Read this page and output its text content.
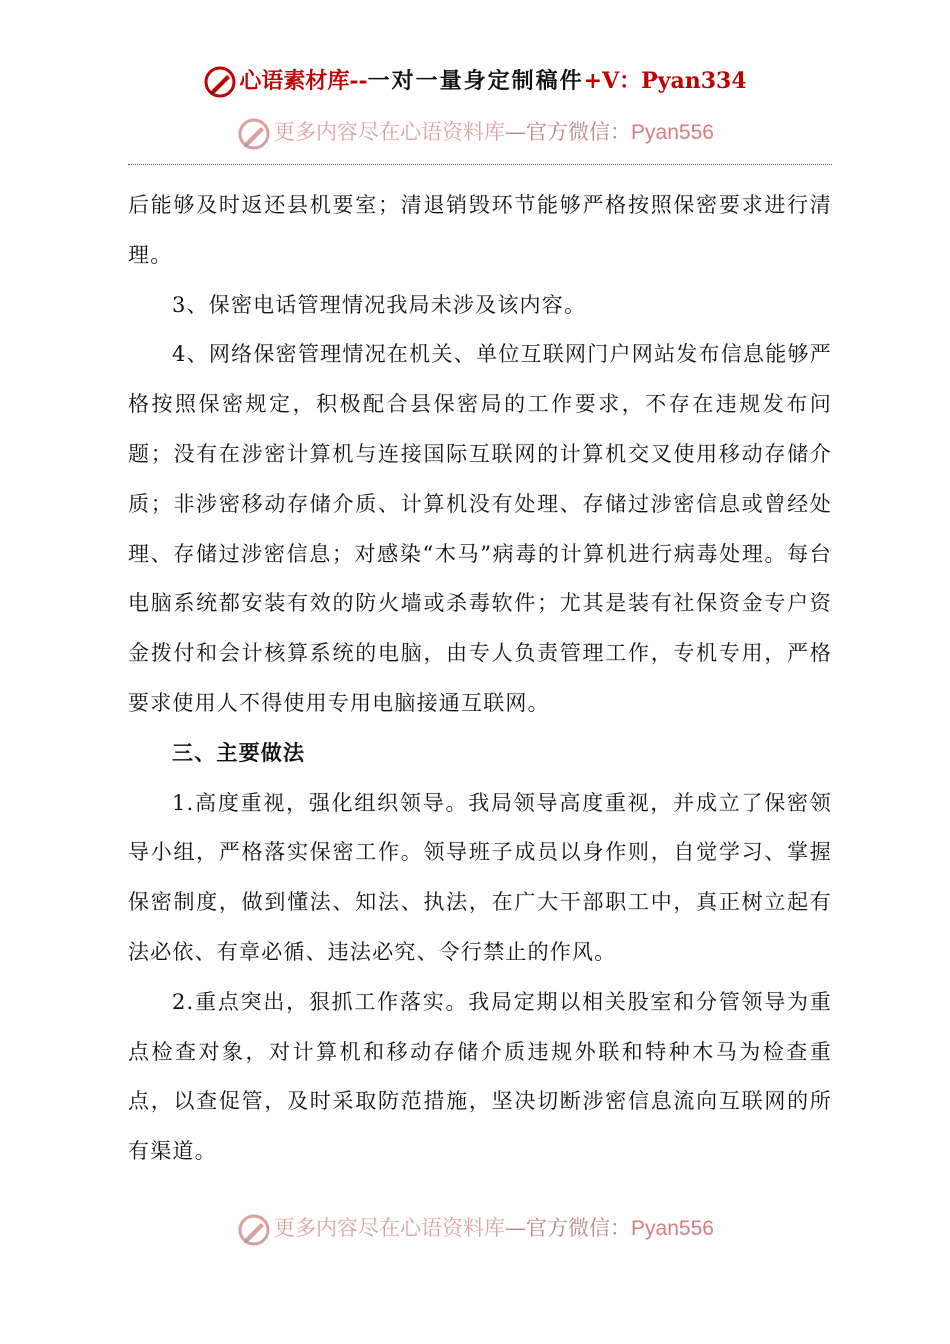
心语素材库--一对一量身定制稿件+V：Pyan334
更多内容尽在心语资料库—官方微信：Pyan556

后能够及时返还县机要室；清退销毁环节能够严格按照保密要求进行清理。

3、保密电话管理情况我局未涉及该内容。

4、网络保密管理情况在机关、单位互联网门户网站发布信息能够严格按照保密规定，积极配合县保密局的工作要求，不存在违规发布问题；没有在涉密计算机与连接国际互联网的计算机交叉使用移动存储介质；非涉密移动存储介质、计算机没有处理、存储过涉密信息或曾经处理、存储过涉密信息；对感染“木马”病毒的计算机进行病毒处理。每台电脑系统都安装有效的防火墙或杀毒软件；尤其是装有社保资金专户资金拨付和会计核算系统的电脑，由专人负责管理工作，专机专用，严格要求使用人不得使用专用电脑接通互联网。

三、主要做法

1.高度重视，强化组织领导。我局领导高度重视，并成立了保密领导小组，严格落实保密工作。领导班子成员以身作则，自觉学习、掌握保密制度，做到懂法、知法、执法，在广大干部职工中，真正树立起有法必依、有章必循、违法必究、令行禁止的作风。

2.重点突出，狠抓工作落实。我局定期以相关股室和分管领导为重点检查对象，对计算机和移动存储介质违规外联和特种木马为检查重点，以查促管，及时采取防范措施，坚决切断涉密信息流向互联网的所有渠道。

更多内容尽在心语资料库—官方微信：Pyan556
